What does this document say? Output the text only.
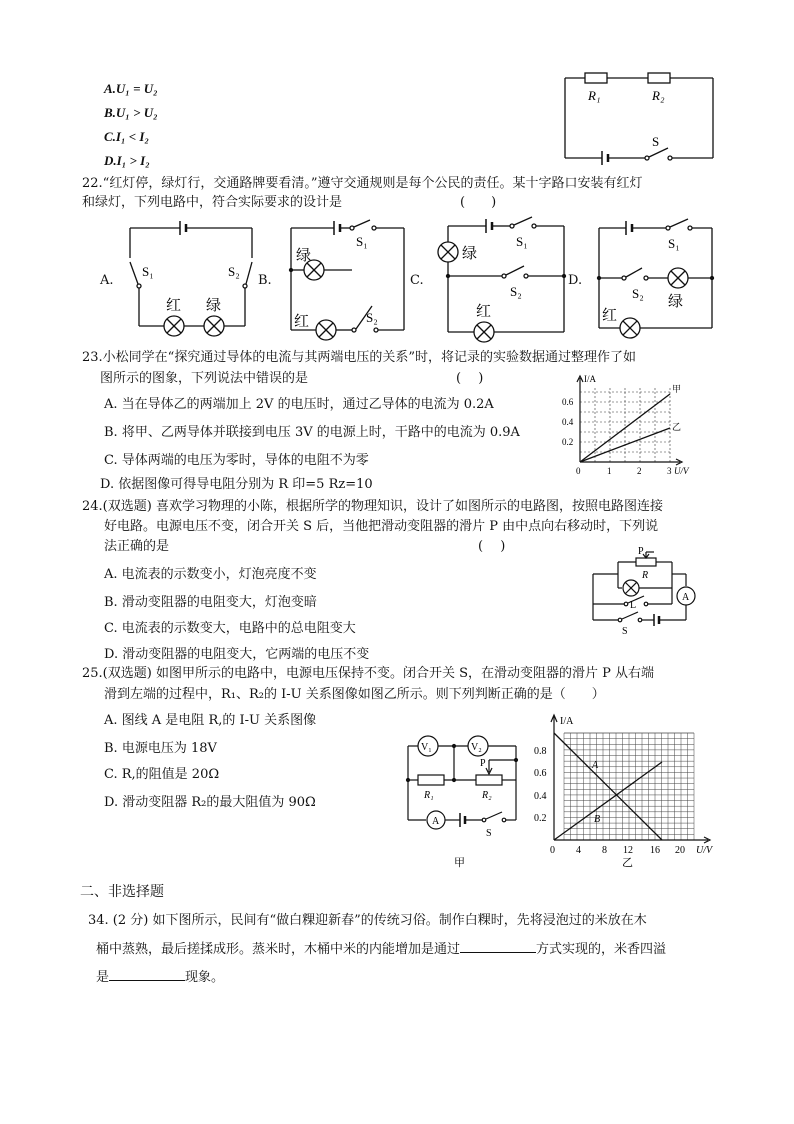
A.U₁ = U₂
B.U₁ > U₂
C.I₁ < I₂
D.I₁ > I₂
R₁	R₂
S
22.“红灯停，绿灯行，交通路牌要看清。”遵守交通规则是每个公民的责任。某十字路口安装有红灯
和绿灯，下列电路中，符合实际要求的设计是	(　　)
A.	B.	C.	D.
S₁	S₂
红 绿
S₁
绿
红	S₂
绿
S₁
S₂
红
S₁
S₂
绿
红
23.小松同学在“探究通过导体的电流与其两端电压的关系”时，将记录的实验数据通过整理作了如
图所示的图象，下列说法中错误的是	(　 )
A. 当在导体乙的两端加上 2V 的电压时，通过乙导体的电流为 0.2A
B. 将甲、乙两导体并联接到电压 3V 的电源上时，干路中的电流为 0.9A
C. 导体两端的电压为零时，导体的电阻不为零
D. 依据图像可得导电阻分别为 R 印=5 Rz=10
I/A
0.6
0.4
0.2
0	1	2	3 U/V
甲
乙
24.(双选题) 喜欢学习物理的小陈，根据所学的物理知识，设计了如图所示的电路图，按照电路图连接
好电路。电源电压不变，闭合开关 S 后，当他把滑动变阻器的滑片 P 由中点向右移动时，下列说
法正确的是	(　 )
A. 电流表的示数变小，灯泡亮度不变
B. 滑动变阻器的电阻变大，灯泡变暗
C. 电流表的示数变大，电路中的总电阻变大
D. 滑动变阻器的电阻变大，它两端的电压不变
P
R
L
S
A
25.(双选题) 如图甲所示的电路中，电源电压保持不变。闭合开关 S，在滑动变阻器的滑片 P 从右端
滑到左端的过程中，R₁、R₂的 I-U 关系图像如图乙所示。则下列判断正确的是（　　）
A. 图线 A 是电阻 R,的 I-U 关系图像
B. 电源电压为 18V
C. R,的阻值是 20Ω
D. 滑动变阻器 R₂的最大阻值为 90Ω
V₁	V₂
P
R₁	R₂
A
S
甲
I/A
0.8
0.6
0.4
0.2
0 4 8 12 16 20 U/V
A
B
乙
二、非选择题
34. (2 分) 如下图所示，民间有“做白粿迎新春”的传统习俗。制作白粿时，先将浸泡过的米放在木
桶中蒸熟，最后搓揉成形。蒸米时，木桶中米的内能增加是通过	方式实现的，米香四溢
是	现象。
